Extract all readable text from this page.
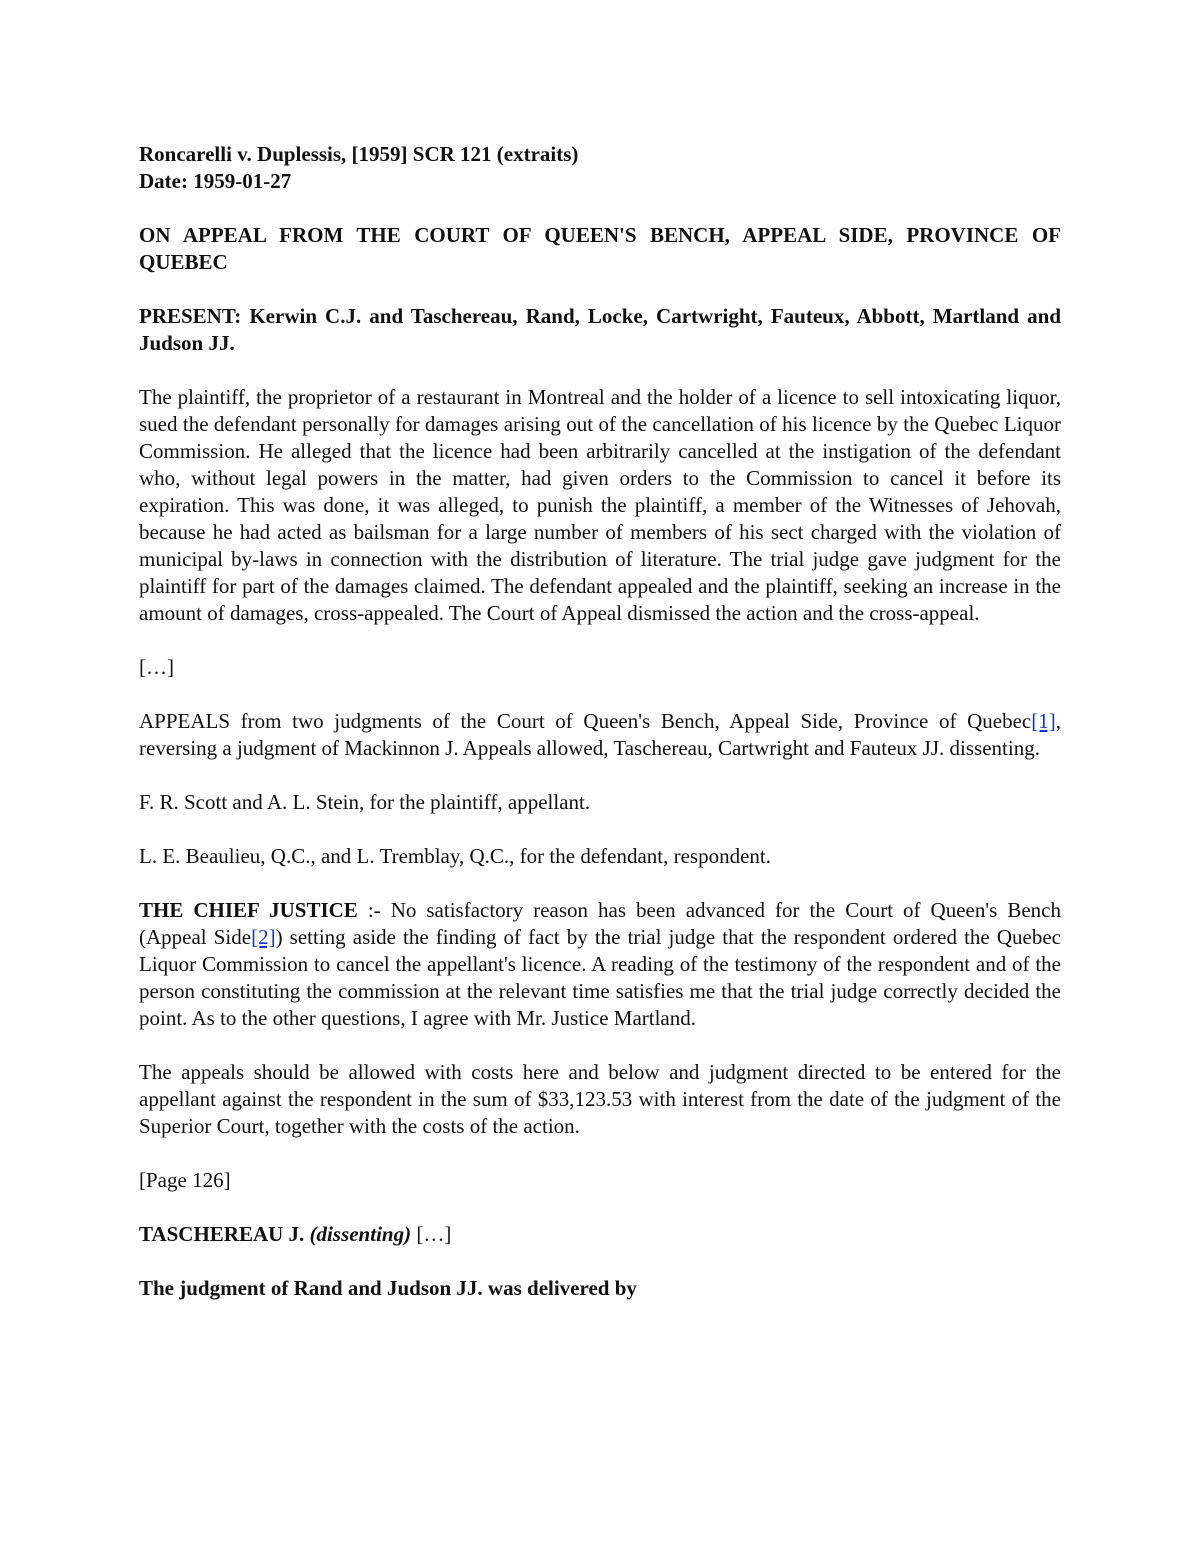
Roncarelli v. Duplessis, [1959] SCR 121 (extraits)
Date: 1959-01-27

ON APPEAL FROM THE COURT OF QUEEN'S BENCH, APPEAL SIDE, PROVINCE OF QUEBEC

PRESENT: Kerwin C.J. and Taschereau, Rand, Locke, Cartwright, Fauteux, Abbott, Martland and Judson JJ.

The plaintiff, the proprietor of a restaurant in Montreal and the holder of a licence to sell intoxicating liquor, sued the defendant personally for damages arising out of the cancellation of his licence by the Quebec Liquor Commission. He alleged that the licence had been arbitrarily cancelled at the instigation of the defendant who, without legal powers in the matter, had given orders to the Commission to cancel it before its expiration. This was done, it was alleged, to punish the plaintiff, a member of the Witnesses of Jehovah, because he had acted as bailsman for a large number of members of his sect charged with the violation of municipal by-laws in connection with the distribution of literature. The trial judge gave judgment for the plaintiff for part of the damages claimed. The defendant appealed and the plaintiff, seeking an increase in the amount of damages, cross-appealed. The Court of Appeal dismissed the action and the cross-appeal.

[…]

APPEALS from two judgments of the Court of Queen's Bench, Appeal Side, Province of Quebec[1], reversing a judgment of Mackinnon J. Appeals allowed, Taschereau, Cartwright and Fauteux JJ. dissenting.

F. R. Scott and A. L. Stein, for the plaintiff, appellant.

L. E. Beaulieu, Q.C., and L. Tremblay, Q.C., for the defendant, respondent.

THE CHIEF JUSTICE :- No satisfactory reason has been advanced for the Court of Queen's Bench (Appeal Side[2]) setting aside the finding of fact by the trial judge that the respondent ordered the Quebec Liquor Commission to cancel the appellant's licence. A reading of the testimony of the respondent and of the person constituting the commission at the relevant time satisfies me that the trial judge correctly decided the point. As to the other questions, I agree with Mr. Justice Martland.

The appeals should be allowed with costs here and below and judgment directed to be entered for the appellant against the respondent in the sum of $33,123.53 with interest from the date of the judgment of the Superior Court, together with the costs of the action.

[Page 126]

TASCHEREAU J. (dissenting) […]

The judgment of Rand and Judson JJ. was delivered by
